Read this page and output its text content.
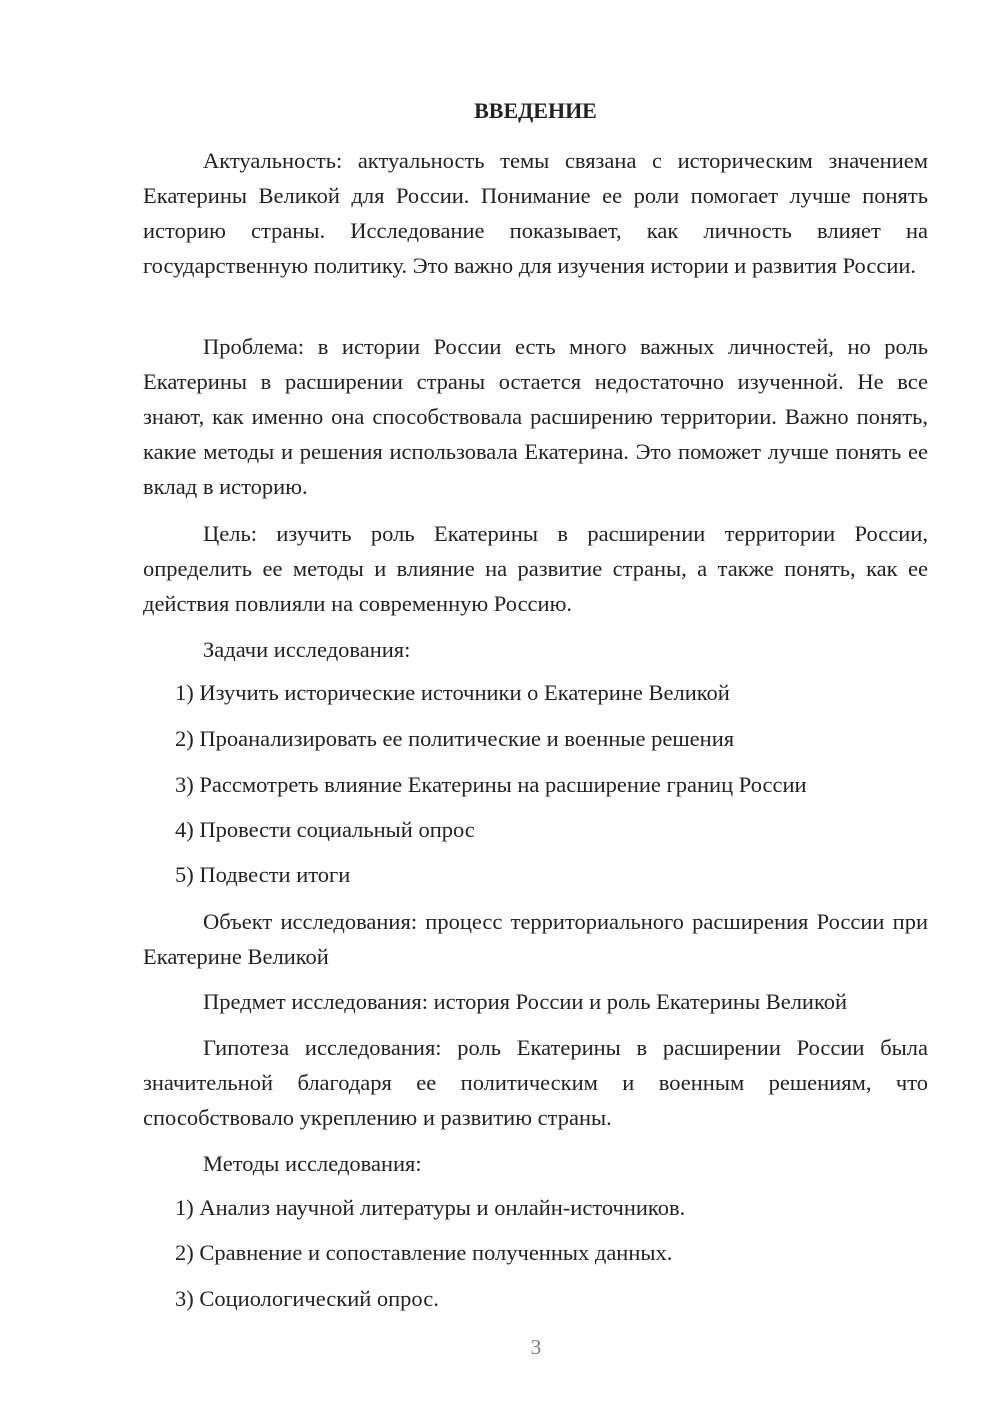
ВВЕДЕНИЕ

Актуальность: актуальность темы связана с историческим значением Екатерины Великой для России. Понимание ее роли помогает лучше понять историю страны. Исследование показывает, как личность влияет на государственную политику. Это важно для изучения истории и развития России.

Проблема: в истории России есть много важных личностей, но роль Екатерины в расширении страны остается недостаточно изученной. Не все знают, как именно она способствовала расширению территории. Важно понять, какие методы и решения использовала Екатерина. Это поможет лучше понять ее вклад в историю.

Цель: изучить роль Екатерины в расширении территории России, определить ее методы и влияние на развитие страны, а также понять, как ее действия повлияли на современную Россию.

Задачи исследования:

1) Изучить исторические источники о Екатерине Великой

2) Проанализировать ее политические и военные решения

3) Рассмотреть влияние Екатерины на расширение границ России

4) Провести социальный опрос

5) Подвести итоги

Объект исследования: процесс территориального расширения России при Екатерине Великой

Предмет исследования: история России и роль Екатерины Великой

Гипотеза исследования: роль Екатерины в расширении России была значительной благодаря ее политическим и военным решениям, что способствовало укреплению и развитию страны.

Методы исследования:

1) Анализ научной литературы и онлайн-источников.

2) Сравнение и сопоставление полученных данных.

3) Социологический опрос.

3
